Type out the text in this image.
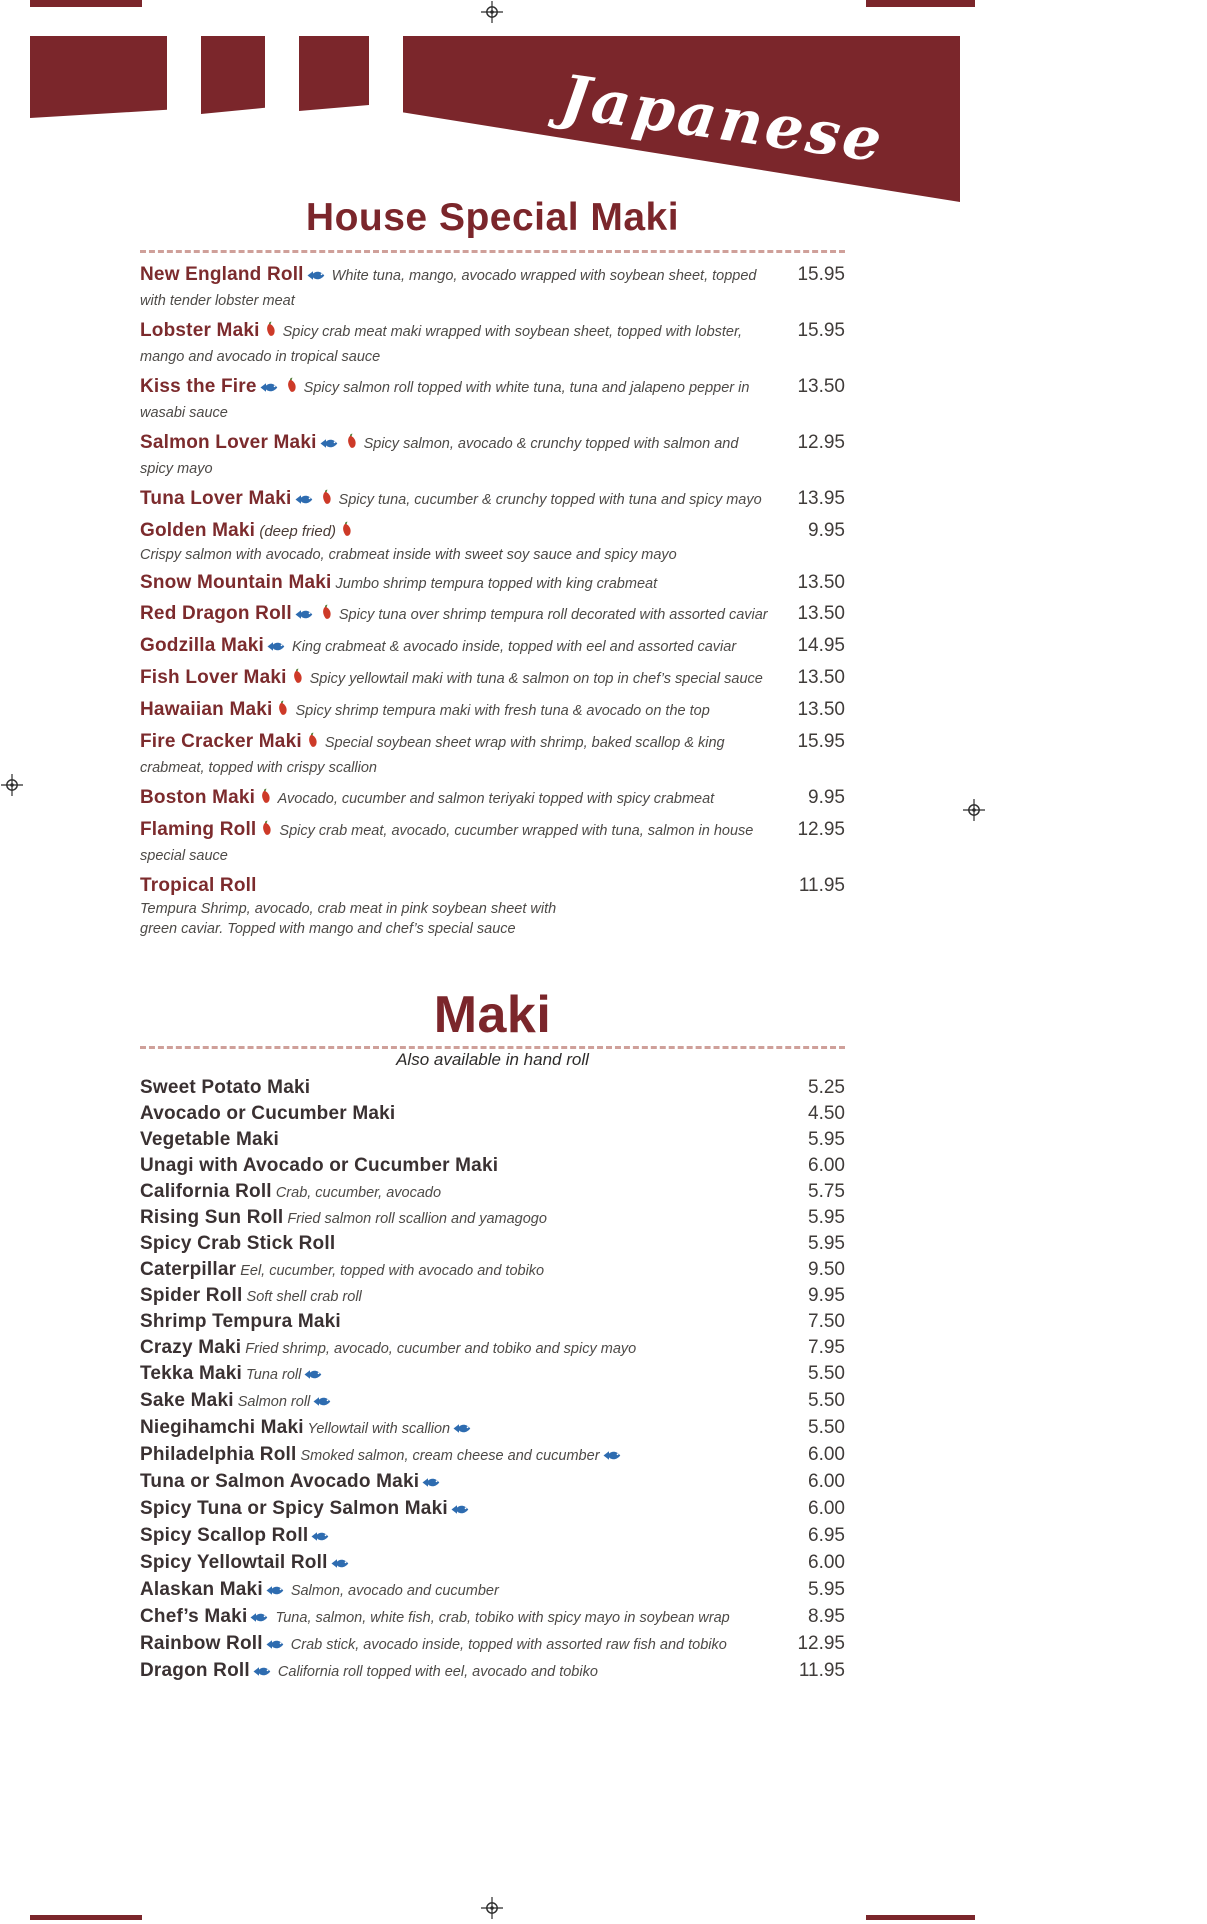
Japanese
House Special Maki
New England Roll White tuna, mango, avocado wrapped with soybean sheet, topped with tender lobster meat
15.95
Lobster Maki Spicy crab meat maki wrapped with soybean sheet, topped with lobster, mango and avocado in tropical sauce
15.95
Kiss the Fire	Spicy salmon roll topped with white tuna, tuna and jalapeno pepper in wasabi sauce
13.50
Salmon Lover Maki	Spicy salmon, avocado & crunchy topped with salmon and spicy mayo
12.95
Tuna Lover Maki	Spicy tuna, cucumber & crunchy topped with tuna and spicy mayo	13.95
Golden Maki (deep fried)
Crispy salmon with avocado, crabmeat inside with sweet soy sauce and spicy mayo
9.95
Snow Mountain Maki Jumbo shrimp tempura topped with king crabmeat	13.50
Red Dragon Roll	Spicy tuna over shrimp tempura roll decorated with assorted caviar	13.50
Godzilla Maki King crabmeat & avocado inside, topped with eel and assorted caviar	14.95
Fish Lover Maki Spicy yellowtail maki with tuna & salmon on top in chef’s special sauce	13.50
Hawaiian Maki Spicy shrimp tempura maki with fresh tuna & avocado on the top	13.50
Fire Cracker Maki Special soybean sheet wrap with shrimp, baked scallop & king crabmeat, topped with crispy scallion
15.95
Boston Maki Avocado, cucumber and salmon teriyaki topped with spicy crabmeat	9.95
Flaming Roll Spicy crab meat, avocado, cucumber wrapped with tuna, salmon in house special sauce
12.95
Tropical Roll
Tempura Shrimp, avocado, crab meat in pink soybean sheet with
green caviar. Topped with mango and chef’s special sauce
11.95
Maki

Also available in hand roll

Sweet Potato Maki	5.25
Avocado or Cucumber Maki	4.50
Vegetable Maki	5.95
Unagi with Avocado or Cucumber Maki	6.00
California Roll Crab, cucumber, avocado	5.75
Rising Sun Roll Fried salmon roll scallion and yamagogo	5.95
Spicy Crab Stick Roll	5.95
Caterpillar Eel, cucumber, topped with avocado and tobiko	9.50
Spider Roll Soft shell crab roll	9.95
Shrimp Tempura Maki	7.50
Crazy Maki Fried shrimp, avocado, cucumber and tobiko and spicy mayo	7.95
Tekka Maki Tuna roll	5.50
Sake Maki Salmon roll	5.50
Niegihamchi Maki Yellowtail with scallion	5.50
Philadelphia Roll Smoked salmon, cream cheese and cucumber	6.00
Tuna or Salmon Avocado Maki	6.00
Spicy Tuna or Spicy Salmon Maki	6.00
Spicy Scallop Roll	6.95
Spicy Yellowtail Roll	6.00
Alaskan Maki Salmon, avocado and cucumber	5.95
Chef’s Maki Tuna, salmon, white fish, crab, tobiko with spicy mayo in soybean wrap	8.95
Rainbow Roll Crab stick, avocado inside, topped with assorted raw fish and tobiko	12.95
Dragon Roll California roll topped with eel, avocado and tobiko	11.95
